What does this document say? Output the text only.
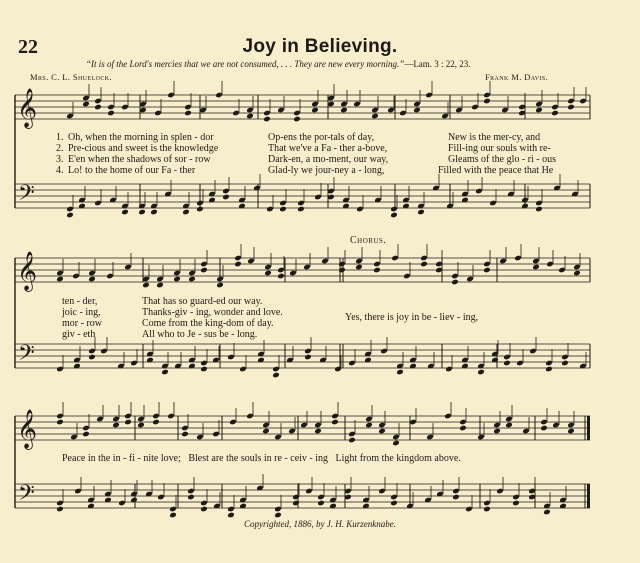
22	Joy in Believing.
“It is of the Lord's mercies that we are not consumed, . . . They are new every morning.”—Lam. 3 : 22, 23.
Mrs. C. L. Shuelock.	Frank M. Davis.
𝄞
𝄢
𝄞
𝄢
𝄞
𝄢
1. Oh, when the morning in splen - dor	Op-ens the por-tals of day,	New is the mer-cy, and
2. Pre-cious and sweet is the knowledge	That we've a Fa - ther a-bove,	Fill-ing our souls with re-
3. E'en when the shadows of sor - row	Dark-en, a mo-ment, our way,	Gleams of the glo - ri - ous
4. Lo! to the home of our Fa - ther	Glad-ly we jour-ney a - long,	Filled with the peace that He
Chorus.
ten - der,	That has so guard-ed our way.
joic - ing,	Thanks-giv - ing, wonder and love.
mor - row	Come from the king-dom of day.
giv - eth	All who to Je - sus be - long.
Yes, there is joy in be - liev - ing,
Peace in the in - fi - nite love;   Blest are the souls in re - ceiv - ing   Light from the kingdom above.
Copyrighted, 1886, by J. H. Kurzenknabe.
